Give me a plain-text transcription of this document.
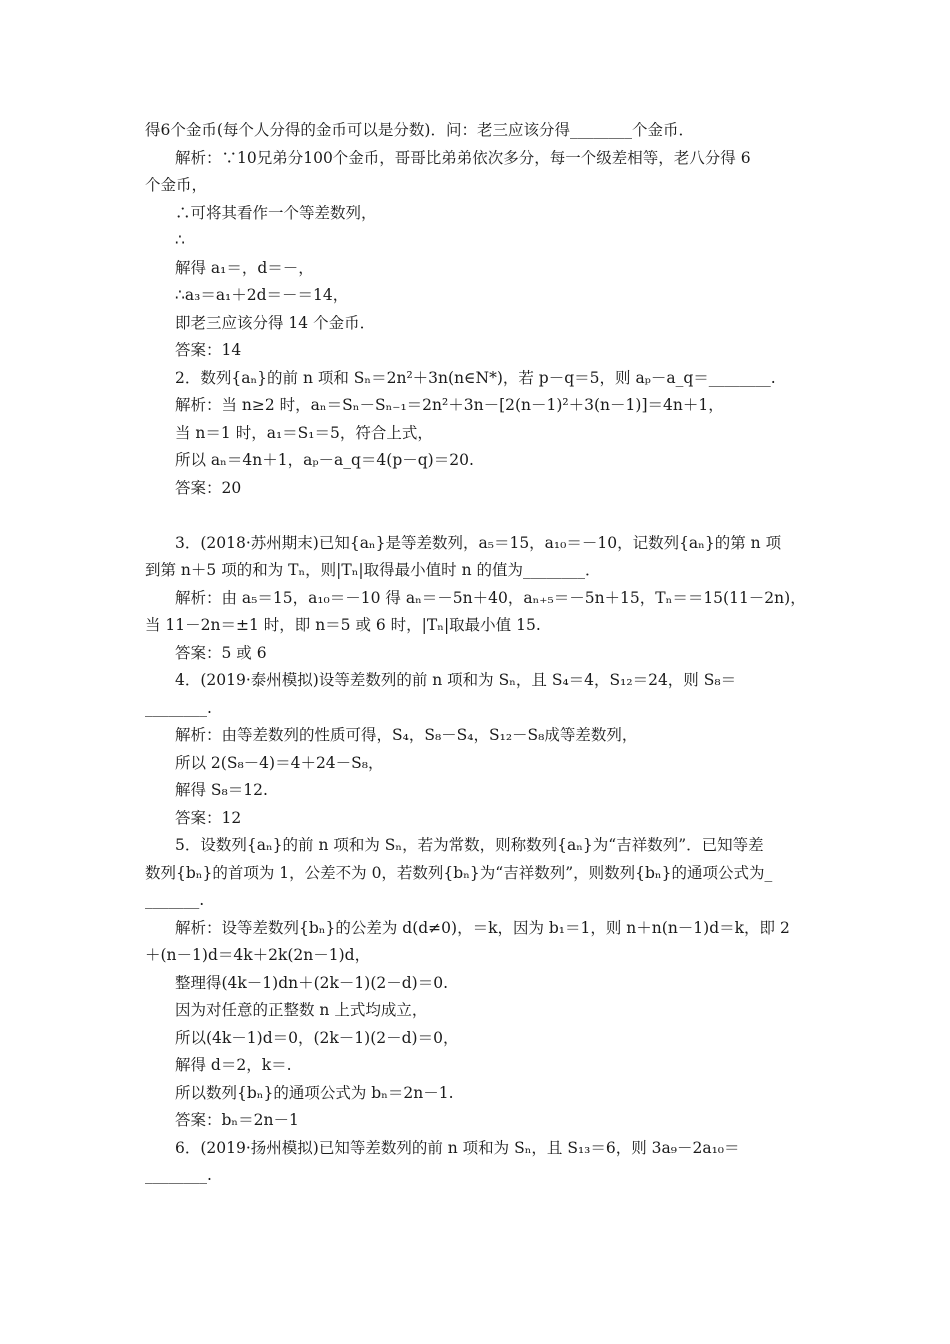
得6个金币(每个人分得的金币可以是分数)．问：老三应该分得________个金币．
解析：∵10兄弟分100个金币，哥哥比弟弟依次多分，每一个级差相等，老八分得 6
个金币，
∴可将其看作一个等差数列，
∴
解得 a₁＝，d＝－，
∴a₃＝a₁＋2d＝－＝14，
即老三应该分得 14 个金币．
答案：14
2．数列{aₙ}的前 n 项和 Sₙ＝2n²＋3n(n∈N*)，若 p－q＝5，则 aₚ－a_q＝________.
解析：当 n≥2 时，aₙ＝Sₙ－Sₙ₋₁＝2n²＋3n－[2(n－1)²＋3(n－1)]＝4n＋1，
当 n＝1 时，a₁＝S₁＝5，符合上式，
所以 aₙ＝4n＋1，aₚ－a_q＝4(p－q)＝20.
答案：20
3．(2018·苏州期末)已知{aₙ}是等差数列，a₅＝15，a₁₀＝－10，记数列{aₙ}的第 n 项
到第 n＋5 项的和为 Tₙ，则|Tₙ|取得最小值时 n 的值为________．
解析：由 a₅＝15，a₁₀＝－10 得 aₙ＝－5n＋40，aₙ₊₅＝－5n＋15，Tₙ＝＝15(11－2n)，
当 11－2n＝±1 时，即 n＝5 或 6 时，|Tₙ|取最小值 15.
答案：5 或 6
4．(2019·泰州模拟)设等差数列的前 n 项和为 Sₙ，且 S₄＝4，S₁₂＝24，则 S₈＝
________.
解析：由等差数列的性质可得，S₄，S₈－S₄，S₁₂－S₈成等差数列，
所以 2(S₈－4)＝4＋24－S₈，
解得 S₈＝12.
答案：12
5．设数列{aₙ}的前 n 项和为 Sₙ，若为常数，则称数列{aₙ}为“吉祥数列”．已知等差
数列{bₙ}的首项为 1，公差不为 0，若数列{bₙ}为“吉祥数列”，则数列{bₙ}的通项公式为_
_______.
解析：设等差数列{bₙ}的公差为 d(d≠0)，＝k，因为 b₁＝1，则 n＋n(n－1)d＝k，即 2
＋(n－1)d＝4k＋2k(2n－1)d，
整理得(4k－1)dn＋(2k－1)(2－d)＝0.
因为对任意的正整数 n 上式均成立，
所以(4k－1)d＝0，(2k－1)(2－d)＝0，
解得 d＝2，k＝.
所以数列{bₙ}的通项公式为 bₙ＝2n－1.
答案：bₙ＝2n－1
6．(2019·扬州模拟)已知等差数列的前 n 项和为 Sₙ，且 S₁₃＝6，则 3a₉－2a₁₀＝
________.
